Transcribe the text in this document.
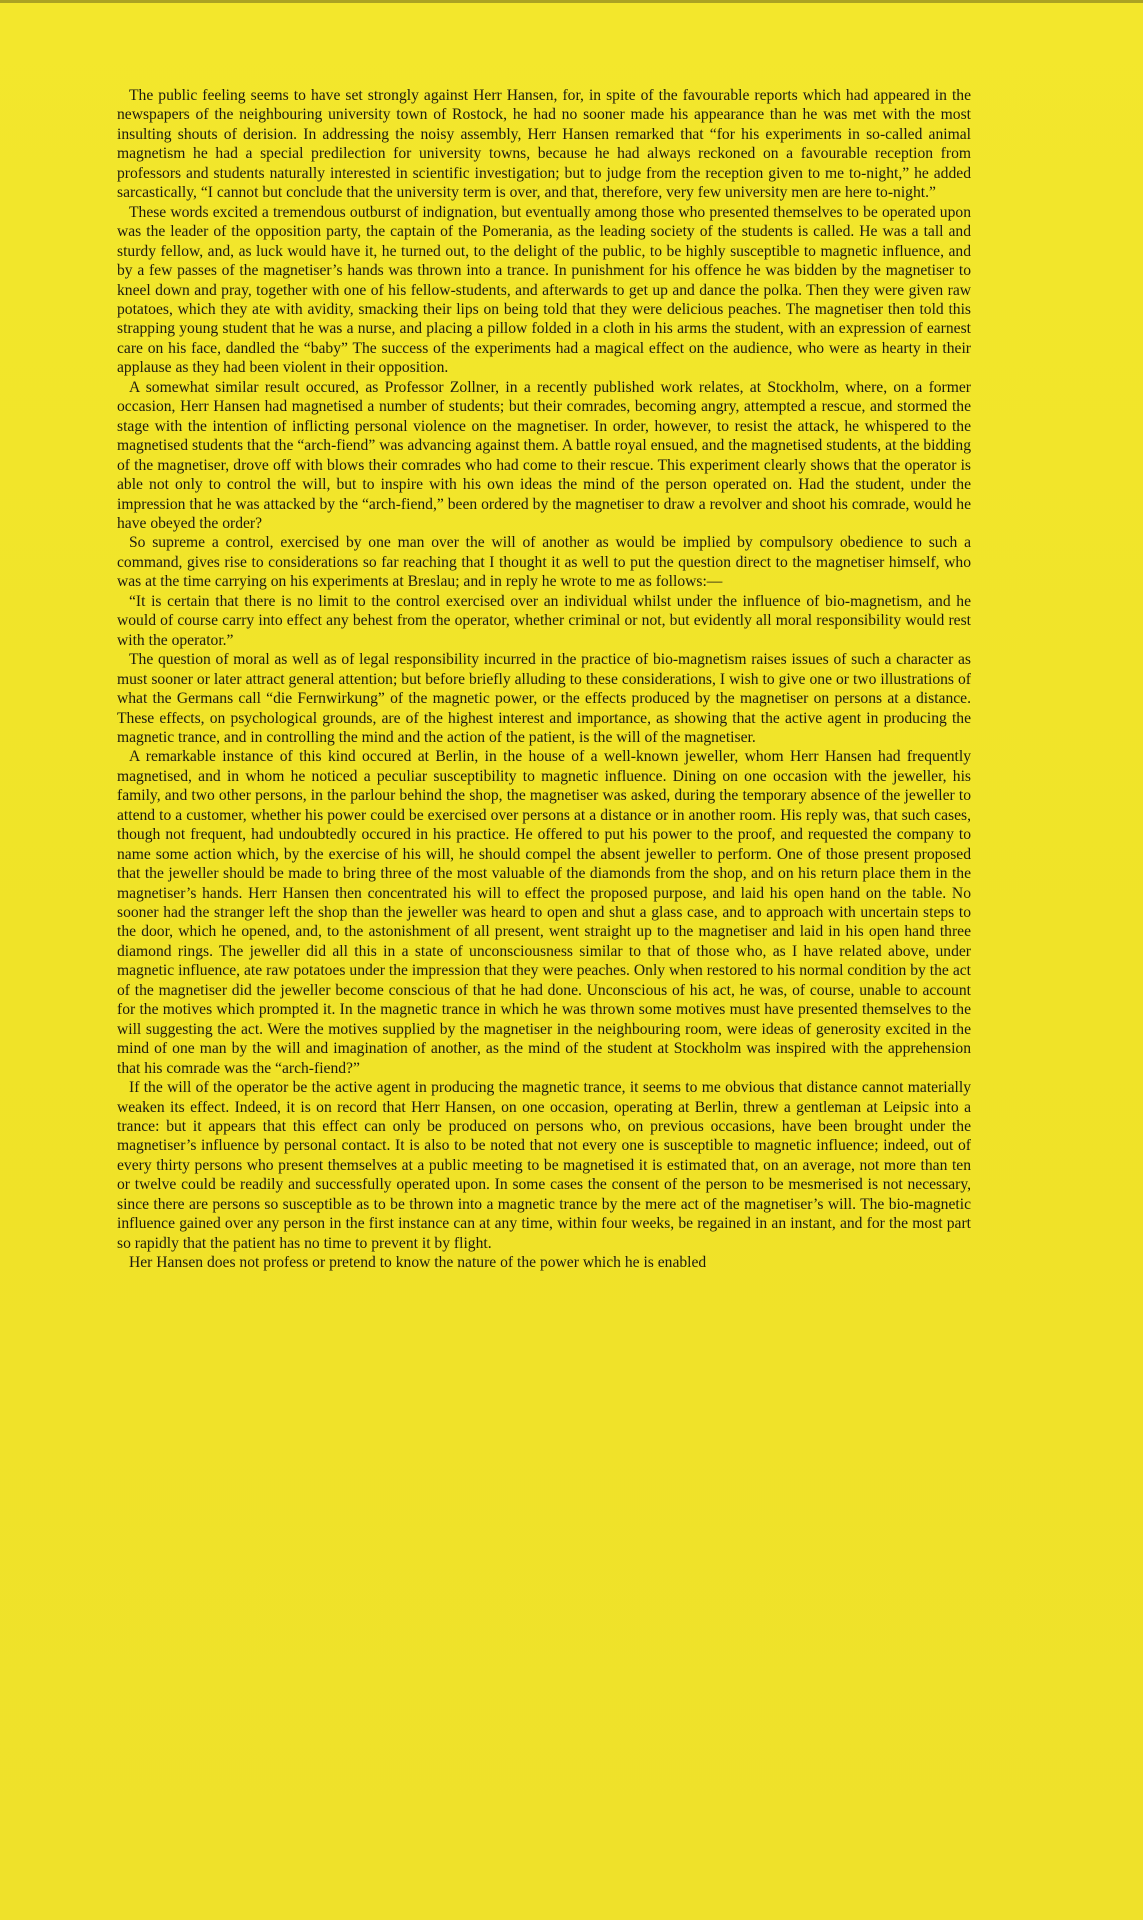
The public feeling seems to have set strongly against Herr Hansen, for, in spite of the favourable reports which had appeared in the newspapers of the neighbouring university town of Rostock, he had no sooner made his appearance than he was met with the most insulting shouts of derision. In addressing the noisy assembly, Herr Hansen remarked that “for his experiments in so-called animal magnetism he had a special predilection for university towns, because he had always reckoned on a favourable reception from professors and students naturally interested in scientific investigation; but to judge from the reception given to me to-night,” he added sarcastically, “I cannot but conclude that the university term is over, and that, therefore, very few university men are here to-night.”

These words excited a tremendous outburst of indignation, but eventually among those who presented themselves to be operated upon was the leader of the opposition party, the captain of the Pomerania, as the leading society of the students is called. He was a tall and sturdy fellow, and, as luck would have it, he turned out, to the delight of the public, to be highly susceptible to magnetic influence, and by a few passes of the magnetiser’s hands was thrown into a trance. In punishment for his offence he was bidden by the magnetiser to kneel down and pray, together with one of his fellow-students, and afterwards to get up and dance the polka. Then they were given raw potatoes, which they ate with avidity, smacking their lips on being told that they were delicious peaches. The magnetiser then told this strapping young student that he was a nurse, and placing a pillow folded in a cloth in his arms the student, with an expression of earnest care on his face, dandled the “baby” The success of the experiments had a magical effect on the audience, who were as hearty in their applause as they had been violent in their opposition.

A somewhat similar result occured, as Professor Zollner, in a recently published work relates, at Stockholm, where, on a former occasion, Herr Hansen had magnetised a number of students; but their comrades, becoming angry, attempted a rescue, and stormed the stage with the intention of inflicting personal violence on the magnetiser. In order, however, to resist the attack, he whispered to the magnetised students that the “arch-fiend” was advancing against them. A battle royal ensued, and the magnetised students, at the bidding of the magnetiser, drove off with blows their comrades who had come to their rescue. This experiment clearly shows that the operator is able not only to control the will, but to inspire with his own ideas the mind of the person operated on. Had the student, under the impression that he was attacked by the “arch-fiend,” been ordered by the magnetiser to draw a revolver and shoot his comrade, would he have obeyed the order?

So supreme a control, exercised by one man over the will of another as would be implied by compulsory obedience to such a command, gives rise to considerations so far reaching that I thought it as well to put the question direct to the magnetiser himself, who was at the time carrying on his experiments at Breslau; and in reply he wrote to me as follows:—

“It is certain that there is no limit to the control exercised over an individual whilst under the influence of bio-magnetism, and he would of course carry into effect any behest from the operator, whether criminal or not, but evidently all moral responsibility would rest with the operator.”

The question of moral as well as of legal responsibility incurred in the practice of bio-magnetism raises issues of such a character as must sooner or later attract general attention; but before briefly alluding to these considerations, I wish to give one or two illustrations of what the Germans call “die Fernwirkung” of the magnetic power, or the effects produced by the magnetiser on persons at a distance. These effects, on psychological grounds, are of the highest interest and importance, as showing that the active agent in producing the magnetic trance, and in controlling the mind and the action of the patient, is the will of the magnetiser.

A remarkable instance of this kind occured at Berlin, in the house of a well-known jeweller, whom Herr Hansen had frequently magnetised, and in whom he noticed a peculiar susceptibility to magnetic influence. Dining on one occasion with the jeweller, his family, and two other persons, in the parlour behind the shop, the magnetiser was asked, during the temporary absence of the jeweller to attend to a customer, whether his power could be exercised over persons at a distance or in another room. His reply was, that such cases, though not frequent, had undoubtedly occured in his practice. He offered to put his power to the proof, and requested the company to name some action which, by the exercise of his will, he should compel the absent jeweller to perform. One of those present proposed that the jeweller should be made to bring three of the most valuable of the diamonds from the shop, and on his return place them in the magnetiser’s hands. Herr Hansen then concentrated his will to effect the proposed purpose, and laid his open hand on the table. No sooner had the stranger left the shop than the jeweller was heard to open and shut a glass case, and to approach with uncertain steps to the door, which he opened, and, to the astonishment of all present, went straight up to the magnetiser and laid in his open hand three diamond rings. The jeweller did all this in a state of unconsciousness similar to that of those who, as I have related above, under magnetic influence, ate raw potatoes under the impression that they were peaches. Only when restored to his normal condition by the act of the magnetiser did the jeweller become conscious of that he had done. Unconscious of his act, he was, of course, unable to account for the motives which prompted it. In the magnetic trance in which he was thrown some motives must have presented themselves to the will suggesting the act. Were the motives supplied by the magnetiser in the neighbouring room, were ideas of generosity excited in the mind of one man by the will and imagination of another, as the mind of the student at Stockholm was inspired with the apprehension that his comrade was the “arch-fiend?”

If the will of the operator be the active agent in producing the magnetic trance, it seems to me obvious that distance cannot materially weaken its effect. Indeed, it is on record that Herr Hansen, on one occasion, operating at Berlin, threw a gentleman at Leipsic into a trance: but it appears that this effect can only be produced on persons who, on previous occasions, have been brought under the magnetiser’s influence by personal contact. It is also to be noted that not every one is susceptible to magnetic influence; indeed, out of every thirty persons who present themselves at a public meeting to be magnetised it is estimated that, on an average, not more than ten or twelve could be readily and successfully operated upon. In some cases the consent of the person to be mesmerised is not necessary, since there are persons so susceptible as to be thrown into a magnetic trance by the mere act of the magnetiser’s will. The bio-magnetic influence gained over any person in the first instance can at any time, within four weeks, be regained in an instant, and for the most part so rapidly that the patient has no time to prevent it by flight.

Her Hansen does not profess or pretend to know the nature of the power which he is enabled
